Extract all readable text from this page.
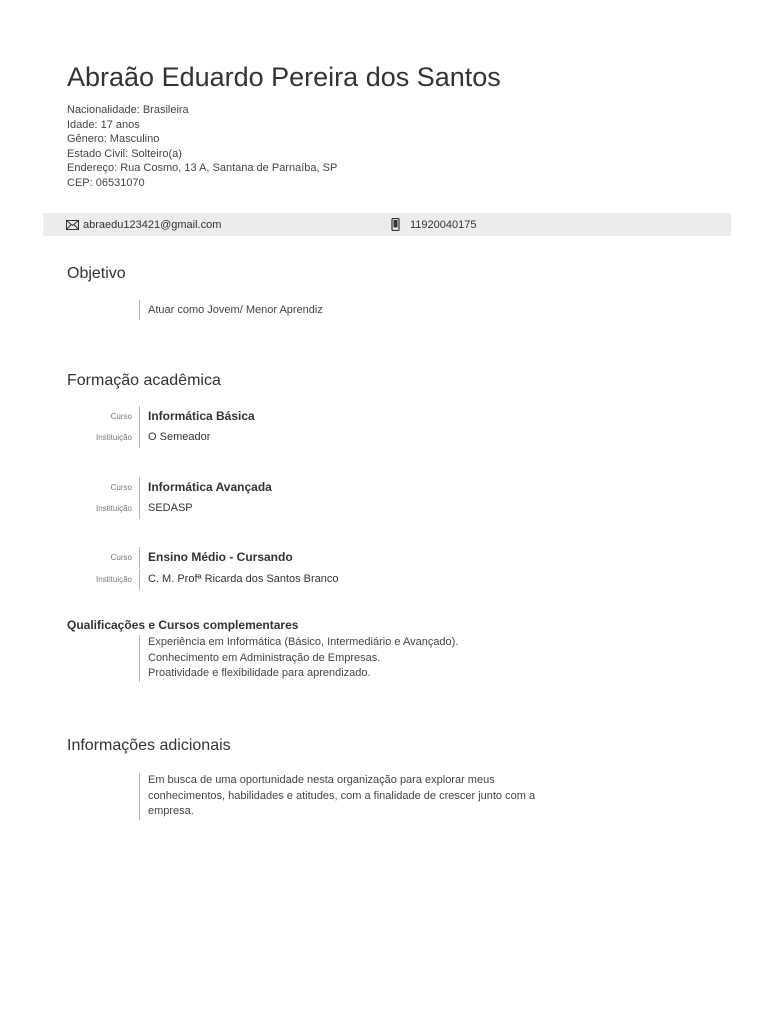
Abraão Eduardo Pereira dos Santos
Nacionalidade: Brasileira
Idade: 17 anos
Gênero: Masculino
Estado Civil: Solteiro(a)
Endereço: Rua Cosmo, 13 A, Santana de Parnaíba, SP
CEP: 06531070
abraedu123421@gmail.com	11920040175
Objetivo
Atuar como Jovem/ Menor Aprendiz
Formação acadêmica
Curso	Informática Básica
Instituição	O Semeador
Curso	Informática Avançada
Instituição	SEDASP
Curso	Ensino Médio - Cursando
Instituição	C. M. Profª Ricarda dos Santos Branco
Qualificações e Cursos complementares
Experiência em Informática (Básico, Intermediário e Avançado).
Conhecimento em Administração de Empresas.
Proatividade e flexibilidade para aprendizado.
Informações adicionais
Em busca de uma oportunidade nesta organização para explorar meus
conhecimentos, habilidades e atitudes, com a finalidade de crescer junto com a
empresa.
